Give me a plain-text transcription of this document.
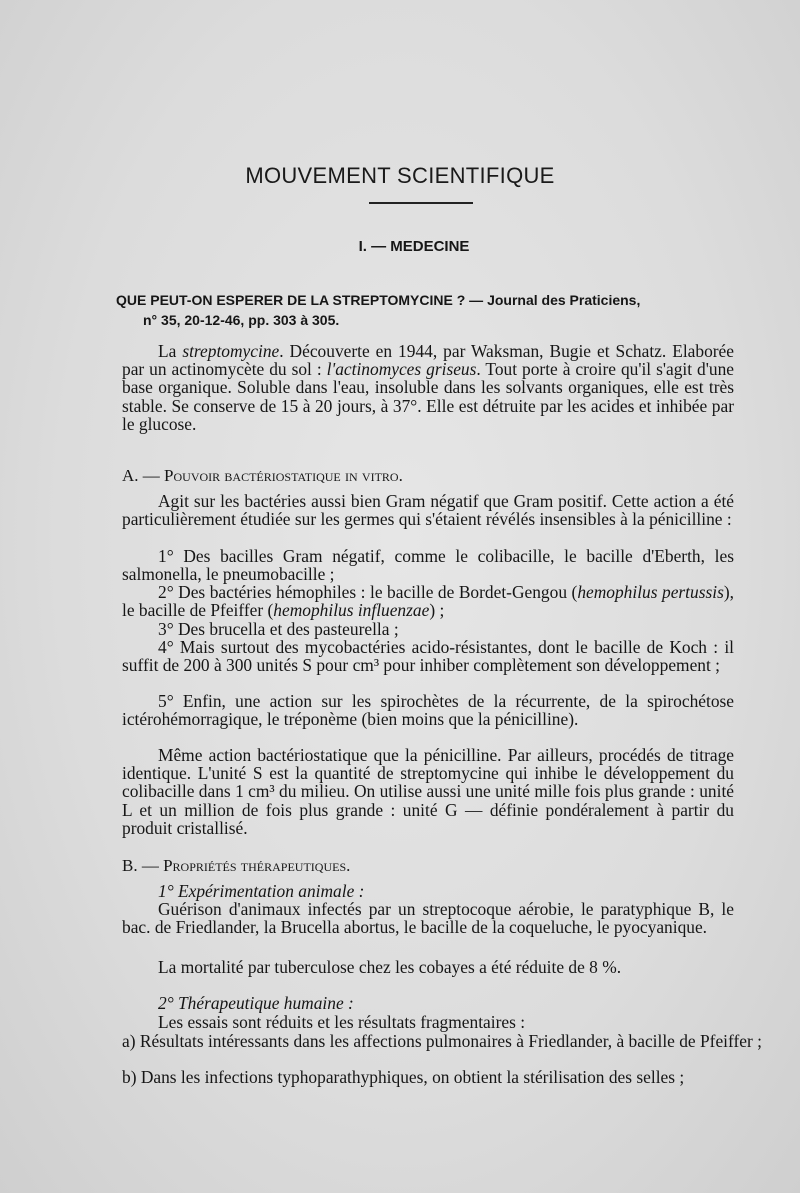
MOUVEMENT SCIENTIFIQUE
I. — MEDECINE
QUE PEUT-ON ESPERER DE LA STREPTOMYCINE ? — Journal des Praticiens,
n° 35, 20-12-46, pp. 303 à 305.
La streptomycine. Découverte en 1944, par Waksman, Bugie et Schatz. Elaborée par un actinomycète du sol : l'actinomyces griseus. Tout porte à croire qu'il s'agit d'une base organique. Soluble dans l'eau, insoluble dans les solvants organiques, elle est très stable. Se conserve de 15 à 20 jours, à 37°. Elle est détruite par les acides et inhibée par le glucose.
A. — Pouvoir bactériostatique in vitro.
Agit sur les bactéries aussi bien Gram négatif que Gram positif. Cette action a été particulièrement étudiée sur les germes qui s'étaient révélés insensibles à la pénicilline :
1° Des bacilles Gram négatif, comme le colibacille, le bacille d'Eberth, les salmonella, le pneumobacille ;
2° Des bactéries hémophiles : le bacille de Bordet-Gengou (hemophilus pertussis), le bacille de Pfeiffer (hemophilus influenzae) ;
3° Des brucella et des pasteurella ;
4° Mais surtout des mycobactéries acido-résistantes, dont le bacille de Koch : il suffit de 200 à 300 unités S pour cm³ pour inhiber complètement son développement ;
5° Enfin, une action sur les spirochètes de la récurrente, de la spirochétose ictérohémorragique, le tréponème (bien moins que la pénicilline).
Même action bactériostatique que la pénicilline. Par ailleurs, procédés de titrage identique. L'unité S est la quantité de streptomycine qui inhibe le développement du colibacille dans 1 cm³ du milieu. On utilise aussi une unité mille fois plus grande : unité L et un million de fois plus grande : unité G — définie pondéralement à partir du produit cristallisé.
B. — Propriétés thérapeutiques.
1° Expérimentation animale :
Guérison d'animaux infectés par un streptocoque aérobie, le paratyphique B, le bac. de Friedlander, la Brucella abortus, le bacille de la coqueluche, le pyocyanique.
La mortalité par tuberculose chez les cobayes a été réduite de 8 %.
2° Thérapeutique humaine :
Les essais sont réduits et les résultats fragmentaires :
a) Résultats intéressants dans les affections pulmonaires à Friedlander, à bacille de Pfeiffer ;
b) Dans les infections typhoparathyphiques, on obtient la stérilisation des selles ;
